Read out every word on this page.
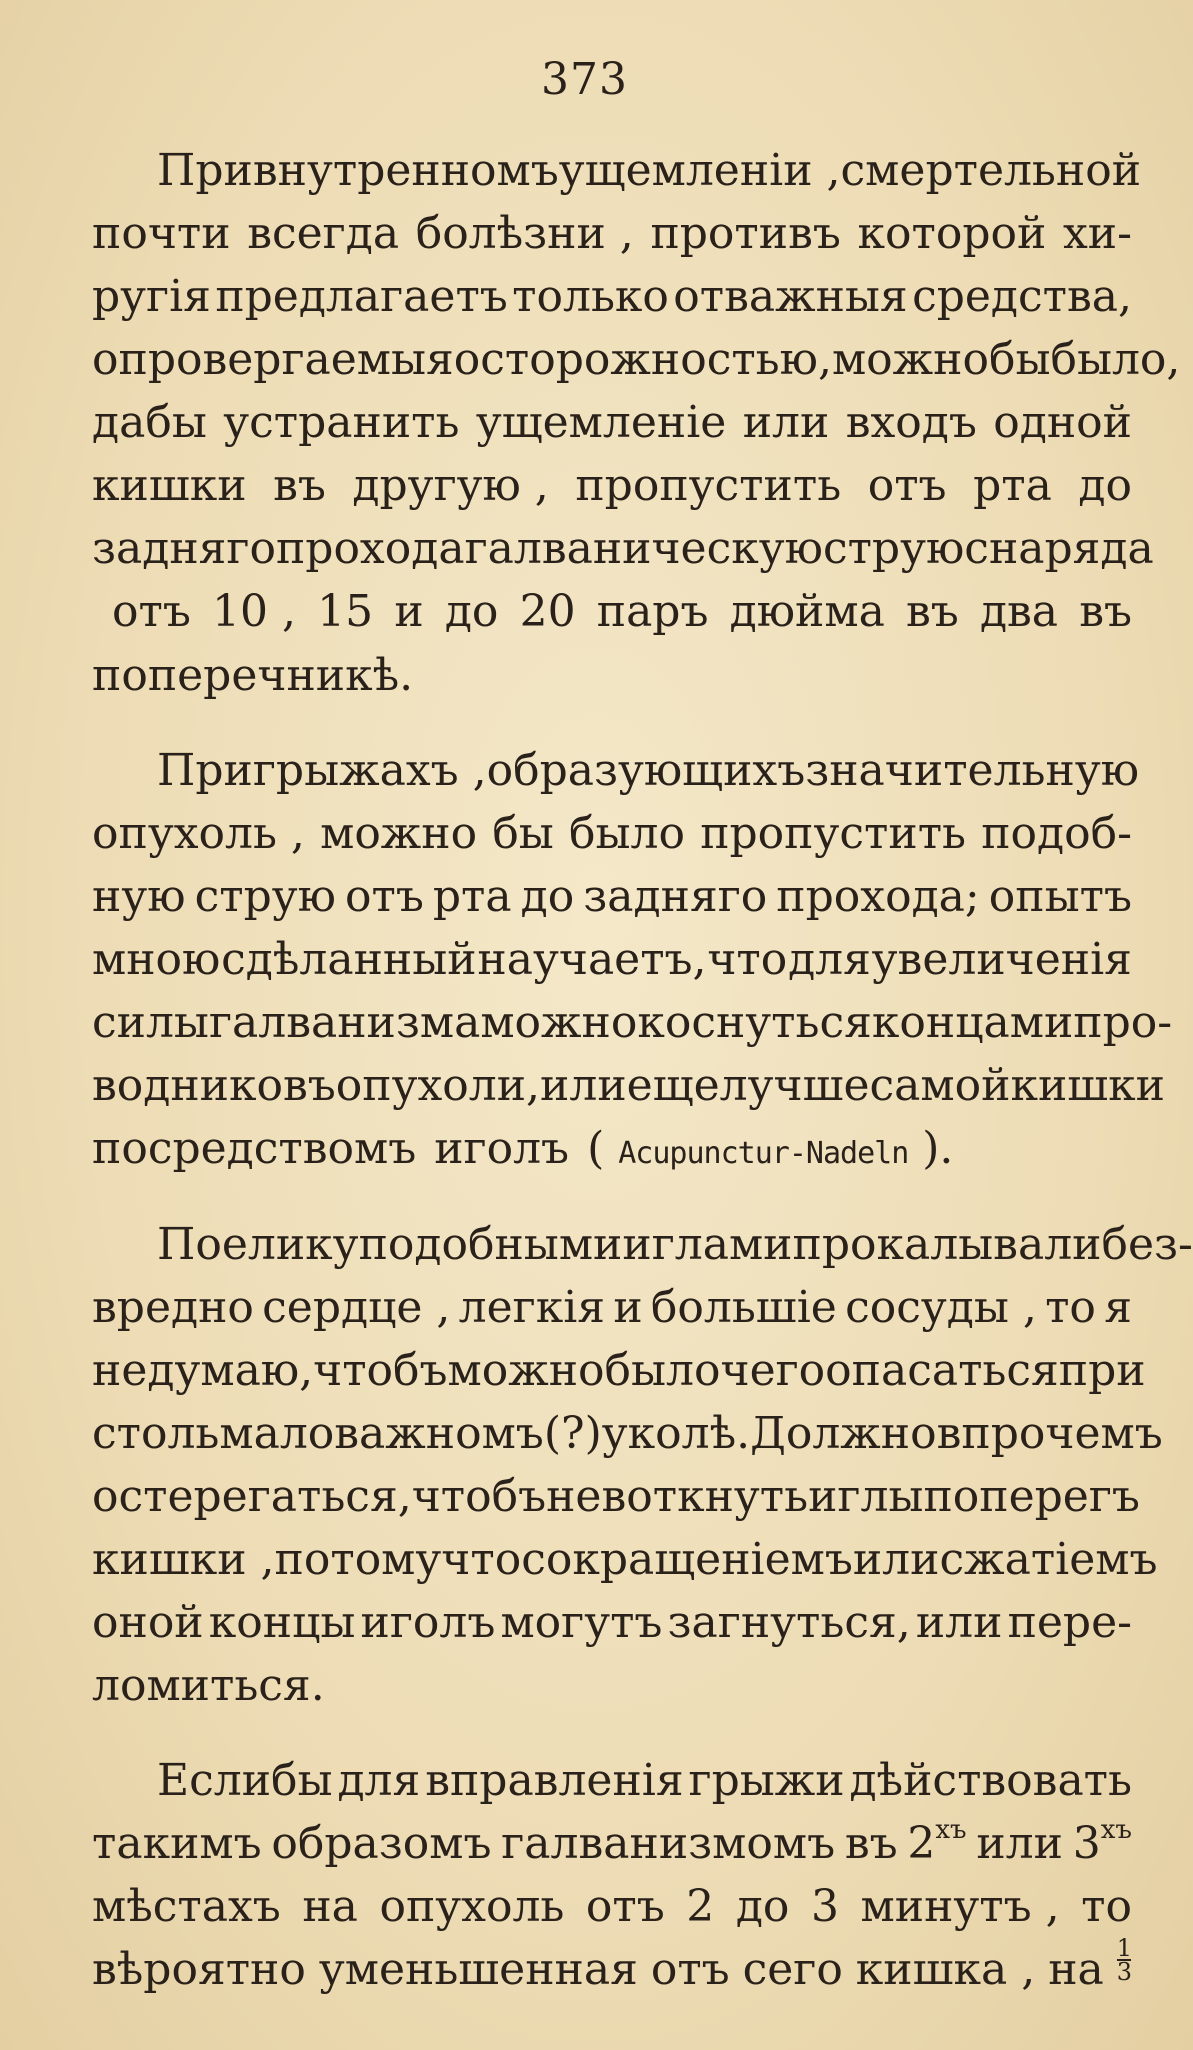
373
При внутренномъ ущемленіи , смертельной
почти всегда болѣзни , противъ которой хи-
ругія предлагаетъ только отважныя средства,
опровергаемыя осторожностью, можно бы было,
дабы устранить ущемленіе или входъ одной
кишки въ другую , пропустить отъ рта до
задняго прохода галваническую струю снаряда
отъ 10 , 15 и до 20 паръ дюйма въ два въ
поперечникѣ.
При грыжахъ , образующихъ значительную
опухоль , можно бы было пропустить подоб-
ную струю отъ рта до задняго прохода; опытъ
мною сдѣланный научаетъ, что для увеличенія
силы галванизма можно коснуться концами про-
водниковъ опухоли, или еще лучше самой кишки
посредствомъ иголъ ( Acupunctur-Nadeln ).
Поелику подобными иглами прокалывали без-
вредно сердце , легкія и большіе сосуды , то я
не думаю, чтобъ можно было чего опасаться при
столь маловажномъ (?) уколѣ. Должно впрочемъ
остерегаться, чтобъ не воткнуть иглы поперегъ
кишки , потому что сокращеніемъ или сжатіемъ
оной концы иголъ могутъ загнуться, или пере-
ломиться.
Еслибы для вправленія грыжи дѣйствовать
такимъ образомъ галванизмомъ въ $2^{хъ}$ или $3^{хъ}$
мѣстахъ на опухоль отъ 2 до 3 минутъ , то
вѣроятно уменьшенная отъ сего кишка , на $\frac{1}{3}$
